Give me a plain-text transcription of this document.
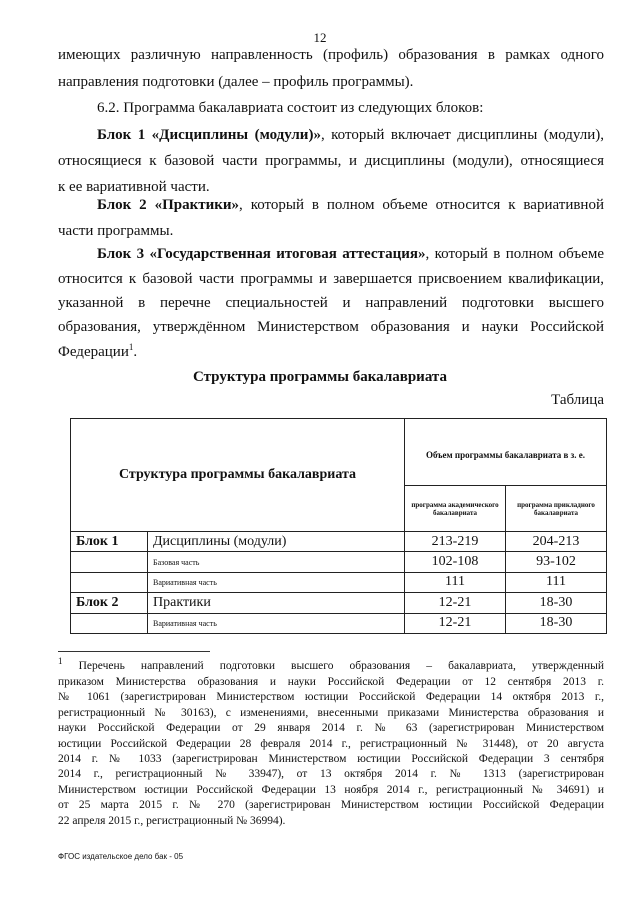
12
имеющих различную направленность (профиль) образования в рамках одного
направления подготовки (далее – профиль программы).
6.2. Программа бакалавриата состоит из следующих блоков:
Блок 1 «Дисциплины (модули)», который включает дисциплины (модули),
относящиеся к базовой части программы, и дисциплины (модули), относящиеся
к ее вариативной части.
Блок 2 «Практики», который в полном объеме относится к вариативной
части программы.
Блок 3 «Государственная итоговая аттестация», который в полном объеме
относится к базовой части программы и завершается присвоением квалификации,
указанной в перечне специальностей и направлений подготовки высшего
образования, утверждённом Министерством образования и науки Российской
Федерации$^1$.
Структура программы бакалавриата
Таблица
Структура программы бакалавриата		Объем программы бакалавриата в з. е.	
		программа академического бакалавриата	программа прикладного бакалавриата
Блок 1	Дисциплины (модули)	213-219	204-213
	Базовая часть	102-108	93-102
	Вариативная часть	111	111
Блок 2	Практики	12-21	18-30
	Вариативная часть	12-21	18-30
$^1$ Перечень направлений подготовки высшего образования – бакалавриата, утвержденный
приказом Министерства образования и науки Российской Федерации от 12 сентября 2013 г.
№ 1061 (зарегистрирован Министерством юстиции Российской Федерации 14 октября 2013 г.,
регистрационный № 30163), с изменениями, внесенными приказами Министерства образования и
науки Российской Федерации от 29 января 2014 г. № 63 (зарегистрирован Министерством
юстиции Российской Федерации 28 февраля 2014 г., регистрационный № 31448), от 20 августа
2014 г. № 1033 (зарегистрирован Министерством юстиции Российской Федерации 3 сентября
2014 г., регистрационный № 33947), от 13 октября 2014 г. № 1313 (зарегистрирован
Министерством юстиции Российской Федерации 13 ноября 2014 г., регистрационный № 34691) и
от 25 марта 2015 г. № 270 (зарегистрирован Министерством юстиции Российской Федерации
22 апреля 2015 г., регистрационный № 36994).
ФГОС издательское дело бак - 05
